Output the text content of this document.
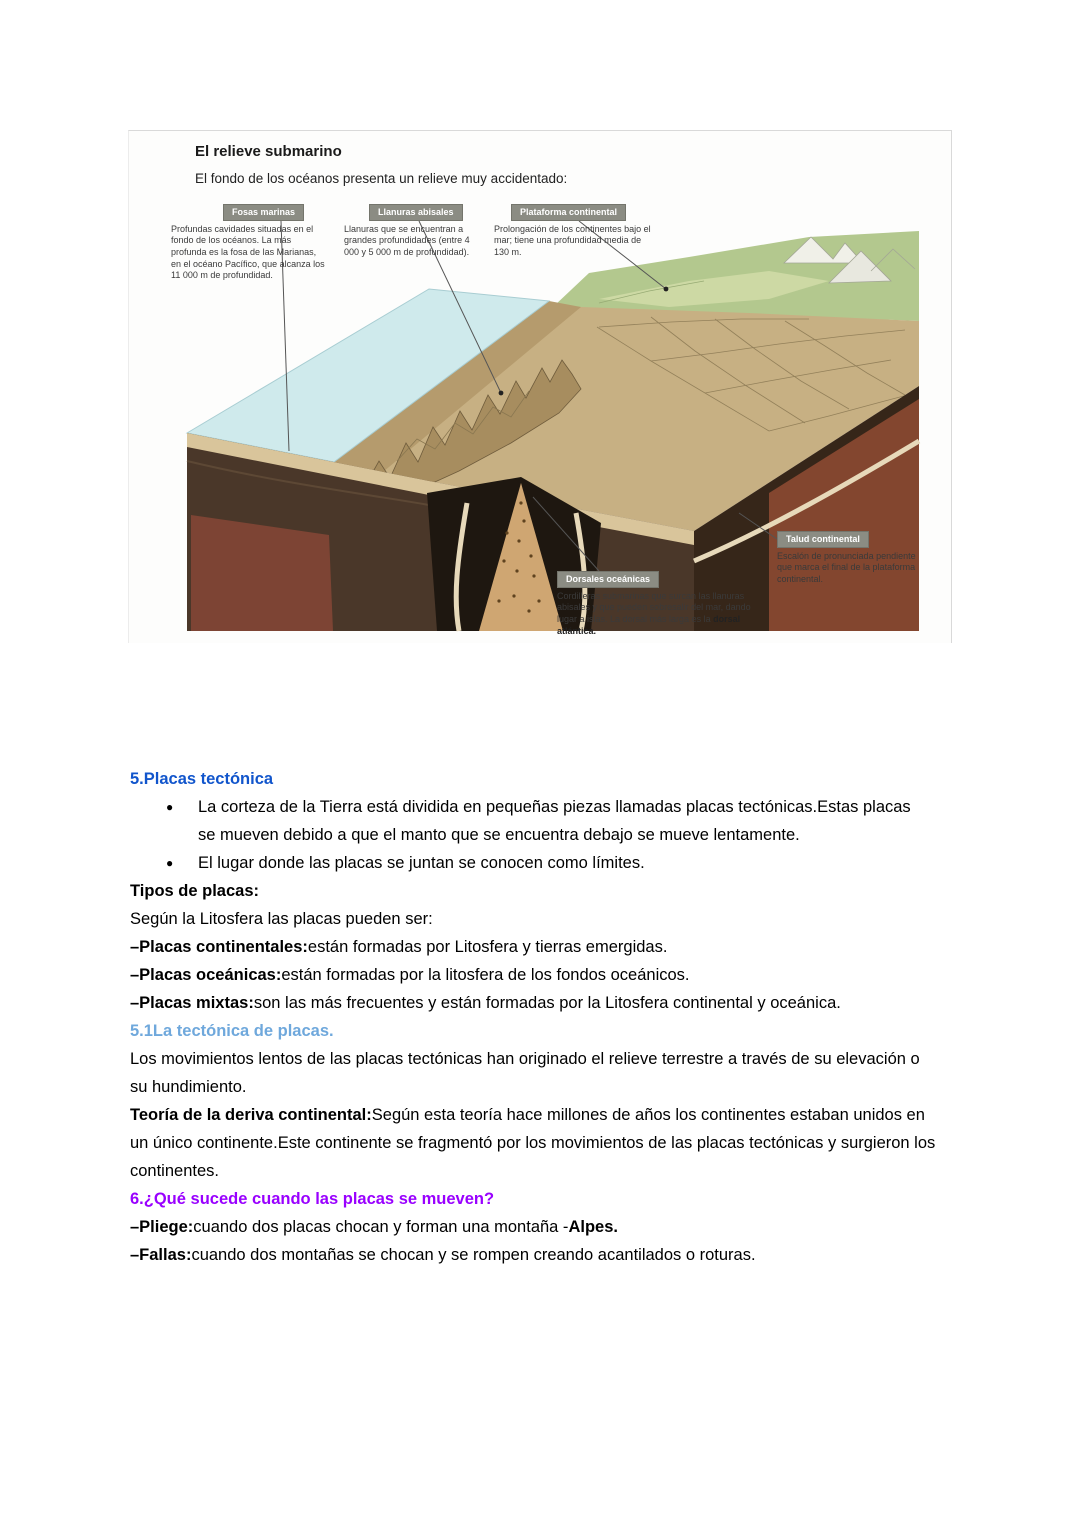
El relieve submarino
El fondo de los océanos presenta un relieve muy accidentado:
Fosas marinas
Profundas cavidades situadas en el fondo de los océanos. La más profunda es la fosa de las Marianas, en el océano Pacífico, que alcanza los 11 000 m de profundidad.
Llanuras abisales
Llanuras que se encuentran a grandes profundidades (entre 4 000 y 5 000 m de profundidad).
Plataforma continental
Prolongación de los continentes bajo el mar; tiene una profundidad media de 130 m.
Talud continental
Escalón de pronunciada pendiente que marca el final de la plataforma continental.
Dorsales oceánicas
Cordilleras submarinas que surcan las llanuras abisales y que pueden sobresalir del mar, dando lugar a islas. La dorsal más larga es la dorsal atlántica.
5.Placas tectónica
● La corteza de la Tierra está dividida en pequeñas piezas llamadas placas tectónicas.Estas placas se mueven debido a que el manto que se encuentra debajo se mueve lentamente.
● El lugar donde las placas se juntan se conocen como límites.

Tipos de placas:

Según la Litosfera las placas pueden ser:

–Placas continentales:están formadas por Litosfera y tierras emergidas.

–Placas oceánicas:están formadas por la litosfera de los fondos oceánicos.

–Placas mixtas:son las más frecuentes y están formadas por la Litosfera continental y oceánica.

5.1La tectónica de placas.

Los movimientos lentos de las placas tectónicas han originado el relieve terrestre a través de su elevación o su hundimiento.

Teoría de la deriva continental:Según esta teoría hace millones de años los continentes estaban unidos en un único continente.Este continente se fragmentó por los movimientos de las placas tectónicas y surgieron los continentes.

6.¿Qué sucede cuando las placas se mueven?

–Pliege:cuando dos placas chocan y forman una montaña -Alpes.

–Fallas:cuando dos montañas se chocan y se rompen creando acantilados o roturas.
